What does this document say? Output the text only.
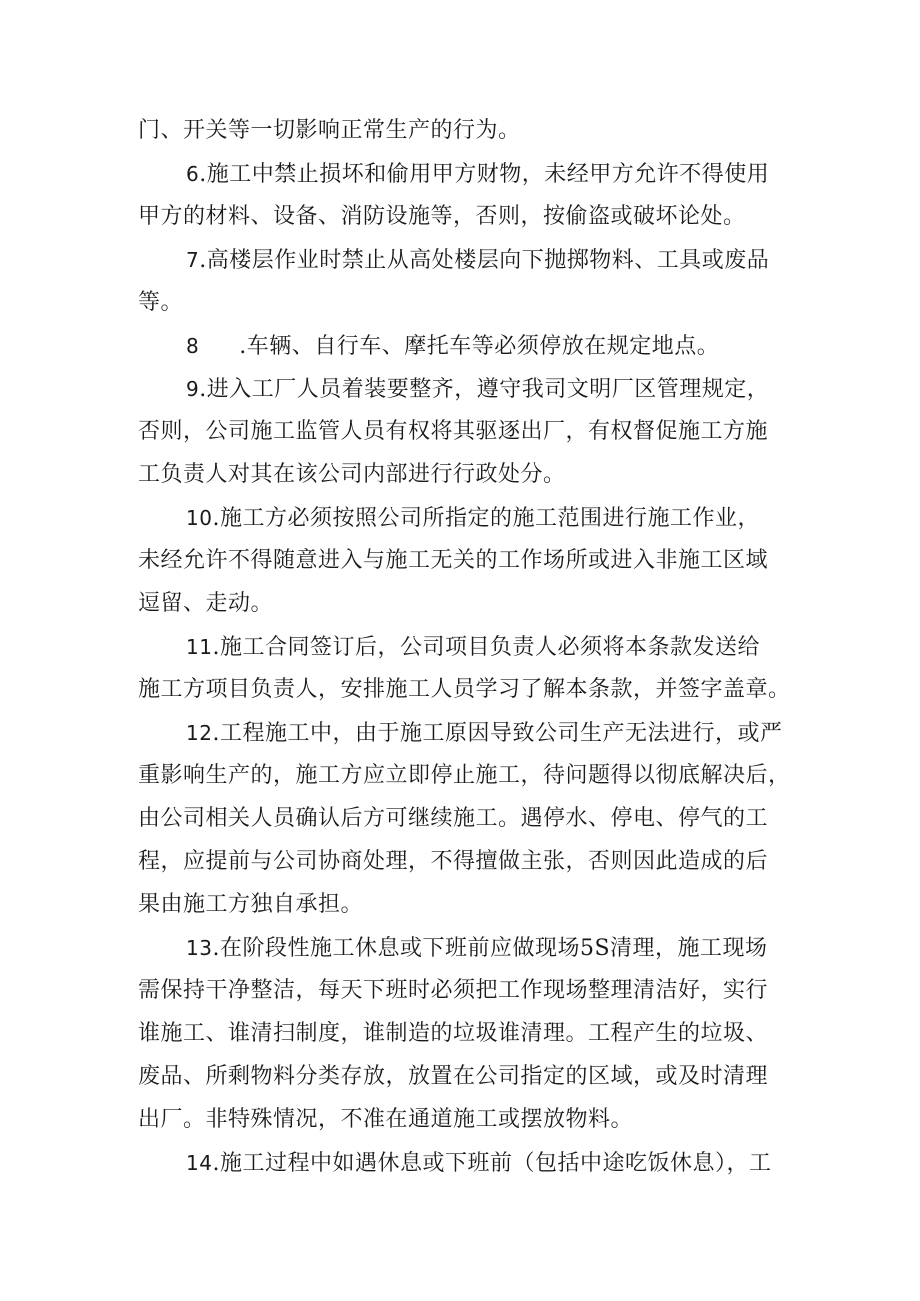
门、开关等一切影响正常生产的行为。
6.施工中禁止损坏和偷用甲方财物，未经甲方允许不得使用
甲方的材料、设备、消防设施等，否则，按偷盗或破坏论处。
7.高楼层作业时禁止从高处楼层向下抛掷物料、工具或废品
等。
8 .车辆、自行车、摩托车等必须停放在规定地点。
9.进入工厂人员着装要整齐，遵守我司文明厂区管理规定，
否则，公司施工监管人员有权将其驱逐出厂，有权督促施工方施
工负责人对其在该公司内部进行行政处分。
10.施工方必须按照公司所指定的施工范围进行施工作业，
未经允许不得随意进入与施工无关的工作场所或进入非施工区域
逗留、走动。
11.施工合同签订后，公司项目负责人必须将本条款发送给
施工方项目负责人，安排施工人员学习了解本条款，并签字盖章。
12.工程施工中，由于施工原因导致公司生产无法进行，或严
重影响生产的，施工方应立即停止施工，待问题得以彻底解决后，
由公司相关人员确认后方可继续施工。遇停水、停电、停气的工
程，应提前与公司协商处理，不得擅做主张，否则因此造成的后
果由施工方独自承担。
13.在阶段性施工休息或下班前应做现场5S清理，施工现场
需保持干净整洁，每天下班时必须把工作现场整理清洁好，实行
谁施工、谁清扫制度，谁制造的垃圾谁清理。工程产生的垃圾、
废品、所剩物料分类存放，放置在公司指定的区域，或及时清理
出厂。非特殊情况，不准在通道施工或摆放物料。
14.施工过程中如遇休息或下班前（包括中途吃饭休息），工
